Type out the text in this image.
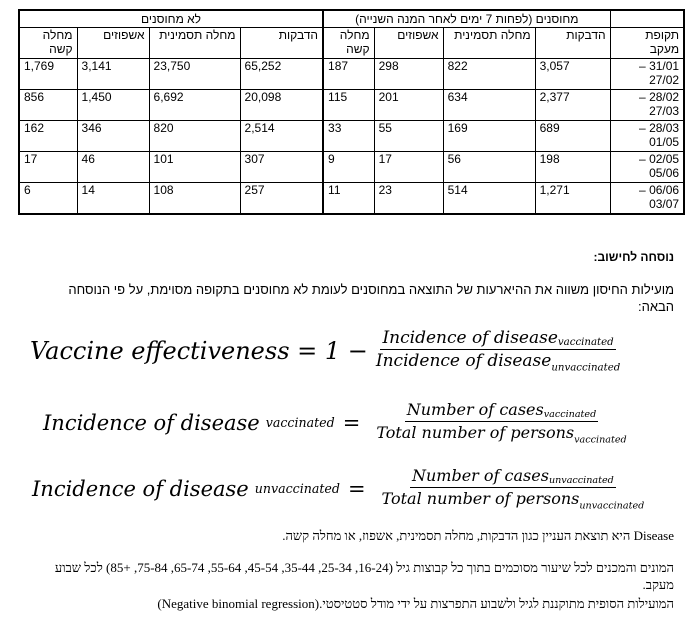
	מחוסנים (לפחות 7 ימים לאחר המנה השנייה)				לא מחוסנים			
תקופת מעקב	הדבקות	מחלה תסמינית	אשפוזים	מחלה קשה	הדבקות	מחלה תסמינית	אשפוזים	מחלה קשה

31/01 –
27/02	3,057	822	298	187	65,252	23,750	3,141	1,769

28/02 –
27/03	2,377	634	201	115	20,098	6,692	1,450	856

28/03 –
01/05	689	169	55	33	2,514	820	346	162

02/05 –
05/06	198	56	17	9	307	101	46	17

06/06 –
03/07	1,271	514	23	11	257	108	14	6
נוסחה לחישוב:
מועילות החיסון משווה את ההיארעות של התוצאה במחוסנים לעומת לא מחוסנים בתקופה מסוימת, על פי הנוסחה הבאה:
Vaccine effectiveness = $1 - \frac{\text{Incidence of diseasevaccinated}}{Incidence of disease_{unvaccinated}}$
Incidence of disease vaccinated = $\frac{\text{Number of casesvaccinated}}{Total number of persons_{vaccinated}}$
Incidence of disease unvaccinated = $\frac{\text{Number of casesunvaccinated}}{Total number of persons_{unvaccinated}}$
Disease היא תוצאת העניין כגון הדבקות, מחלה תסמינית, אשפוז, או מחלה קשה.
המונים והמכנים לכל שיעור מסוכמים בתוך כל קבוצות גיל (16-24, 25-34, 35-44, 45-54, 55-64, 65-74, 75-84, +85) לכל שבוע מעקב.
המועילות הסופית מתוקננת לגיל ולשבוע התפרצות על ידי מודל סטטיסטי.(Negative binomial regression)
